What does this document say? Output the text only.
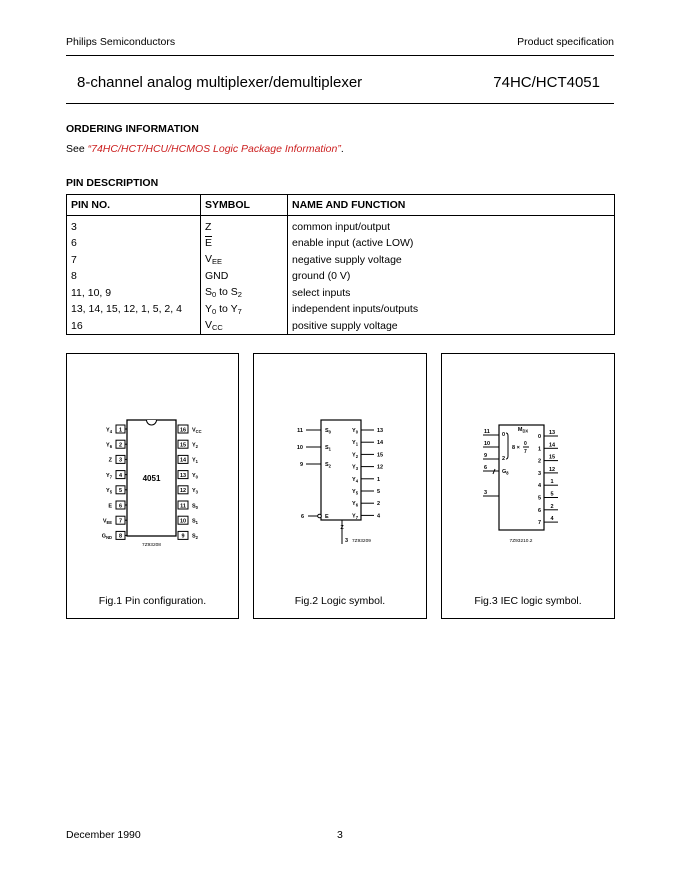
Philips Semiconductors	Product specification
8-channel analog multiplexer/demultiplexer	74HC/HCT4051
ORDERING INFORMATION
See “74HC/HCT/HCU/HCMOS Logic Package Information”.
PIN DESCRIPTION
PIN NO.	SYMBOL	NAME AND FUNCTION
3	Z	common input/output
6	$\overline{E}$	enable input (active LOW)
7	$V_{EE}$	negative supply voltage
8	GND	ground (0 V)
11, 10, 9	$S_0$ to $S_2$	select inputs
13, 14, 15, 12, 1, 5, 2, 4	$Y_0$ to $Y_7$	independent inputs/outputs
16	$V_{CC}$	positive supply voltage
4051
1
$Y_4$
2
$Y_6$
3
Z
4
$Y_7$
5
$Y_5$
6
E
7
$V_{EE}$
8
$G_{ND}$
16 $V_{CC}$
15 $Y_2$
14 $Y_1$
13 $Y_0$
12 $Y_3$
11 $S_0$
10 $S_1$
9 $S_2$
7Z93208
Fig.1 Pin configuration.
11	$S_0$
10	$S_1$
9	$S_2$
6	E
$Y_0$	13
$Y_1$	14
$Y_2$	15
$Y_3$	12
$Y_4$	1
$Y_5$	5
$Y_6$	2
$Y_7$	4
Z
3 7Z93209
Fig.2 Logic symbol.
$M_{DX}$
11 0
10
9	2
8 ×
0
7
6
$G_8$
3
0
13
1
14
2
15
3
12
4
1
5
5
6
2
7
4
7Z93210.2
Fig.3 IEC logic symbol.
December 1990	3
